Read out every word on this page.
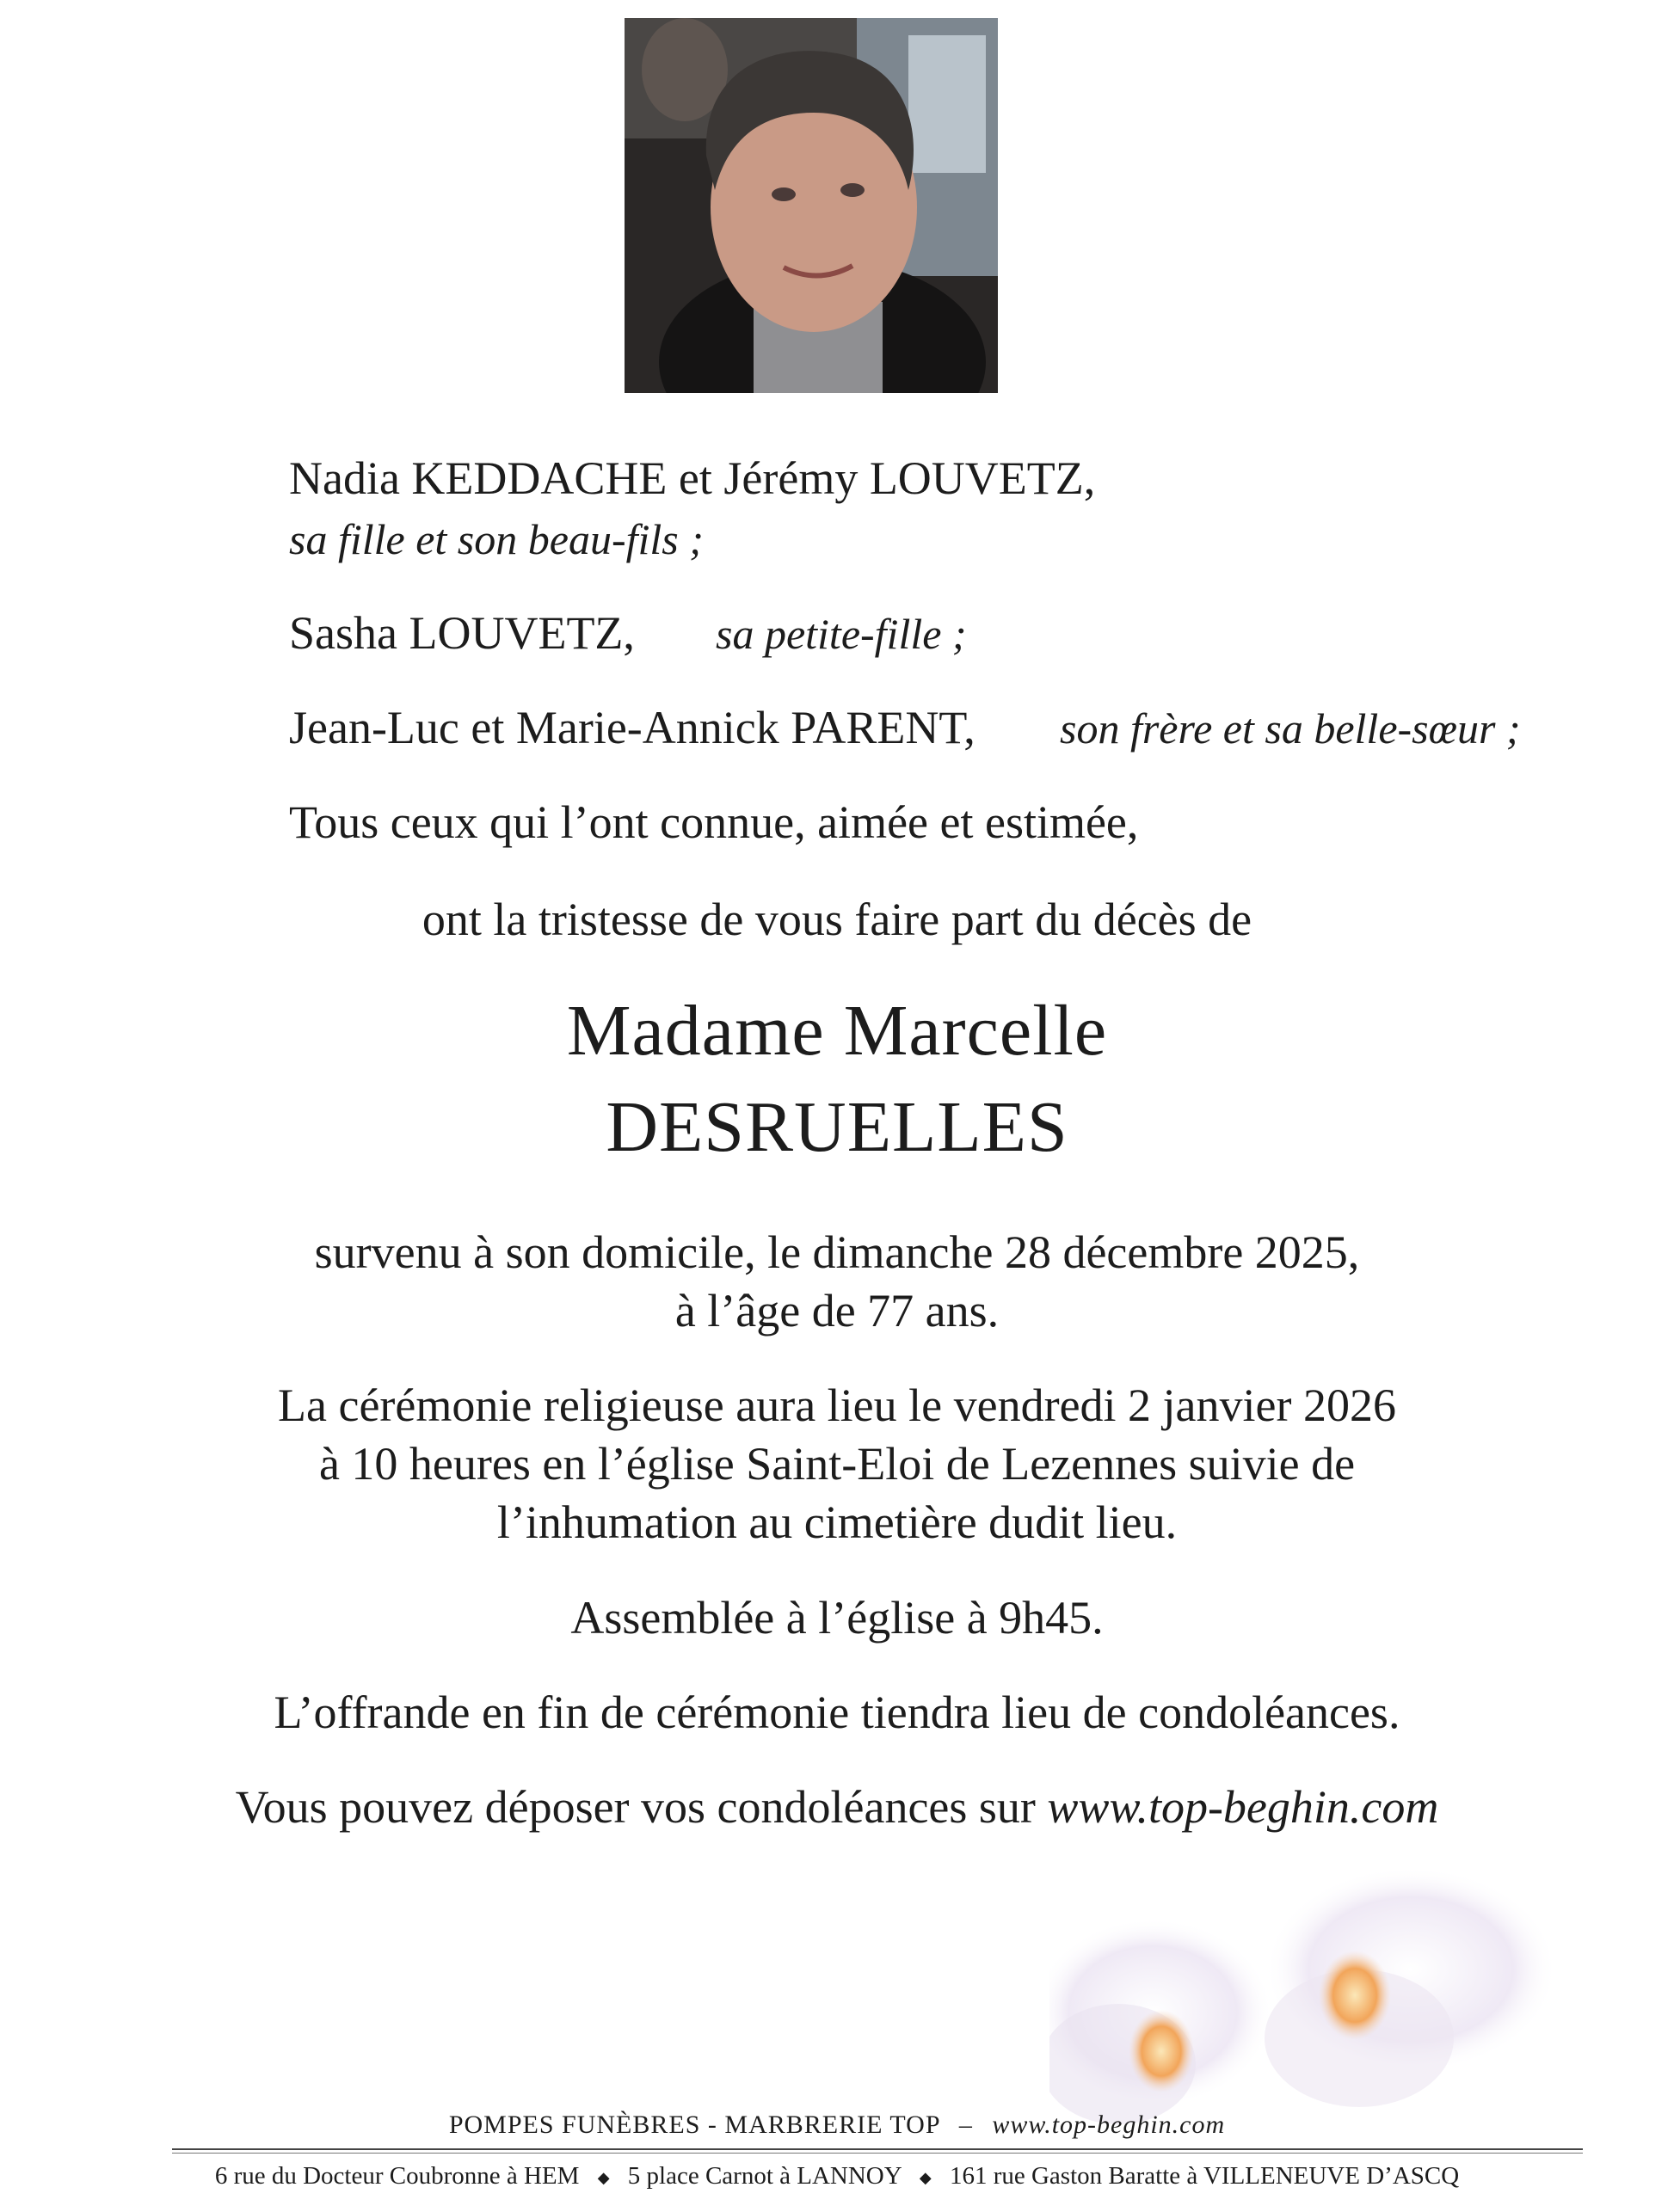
Nadia KEDDACHE et Jérémy LOUVETZ,
sa fille et son beau-fils ;
Sasha LOUVETZ, sa petite-fille ;
Jean-Luc et Marie-Annick PARENT, son frère et sa belle-sœur ;
Tous ceux qui l’ont connue, aimée et estimée,
ont la tristesse de vous faire part du décès de
Madame Marcelle
DESRUELLES
survenu à son domicile, le dimanche 28 décembre 2025,
à l’âge de 77 ans.
La cérémonie religieuse aura lieu le vendredi 2 janvier 2026
à 10 heures en l’église Saint-Eloi de Lezennes suivie de
l’inhumation au cimetière dudit lieu.
Assemblée à l’église à 9h45.
L’offrande en fin de cérémonie tiendra lieu de condoléances.
Vous pouvez déposer vos condoléances sur www.top-beghin.com
POMPES FUNÈBRES - MARBRERIE TOP – www.top-beghin.com
6 rue du Docteur Coubronne à HEM ◆ 5 place Carnot à LANNOY ◆ 161 rue Gaston Baratte à VILLENEUVE D’ASCQ
